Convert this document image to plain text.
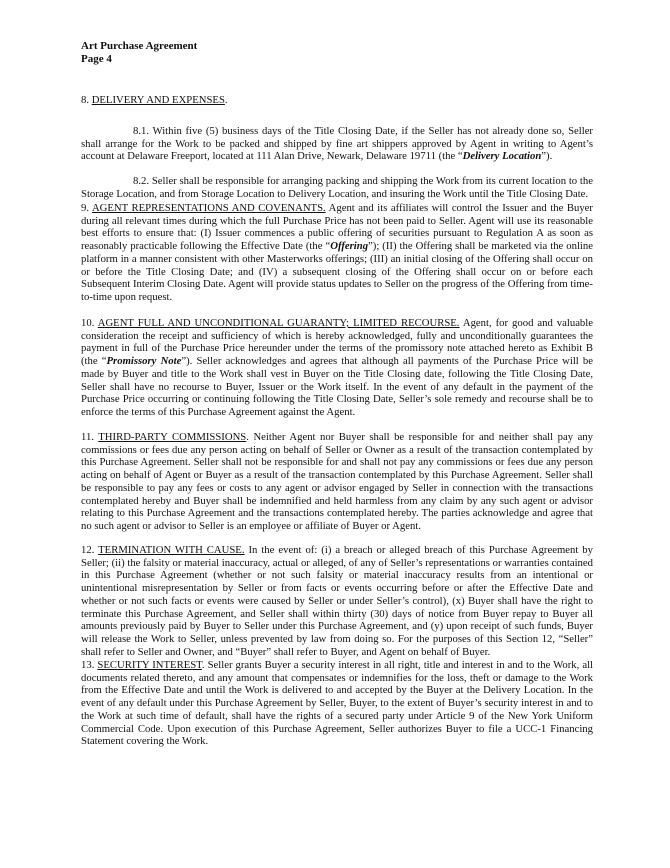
Art Purchase Agreement
Page 4
8. DELIVERY AND EXPENSES.
8.1. Within five (5) business days of the Title Closing Date, if the Seller has not already done so, Seller shall arrange for the Work to be packed and shipped by fine art shippers approved by Agent in writing to Agent’s account at Delaware Freeport, located at 111 Alan Drive, Newark, Delaware 19711 (the “Delivery Location”).
8.2. Seller shall be responsible for arranging packing and shipping the Work from its current location to the Storage Location, and from Storage Location to Delivery Location, and insuring the Work until the Title Closing Date.
9. AGENT REPRESENTATIONS AND COVENANTS. Agent and its affiliates will control the Issuer and the Buyer during all relevant times during which the full Purchase Price has not been paid to Seller. Agent will use its reasonable best efforts to ensure that: (I) Issuer commences a public offering of securities pursuant to Regulation A as soon as reasonably practicable following the Effective Date (the “Offering”); (II) the Offering shall be marketed via the online platform in a manner consistent with other Masterworks offerings; (III) an initial closing of the Offering shall occur on or before the Title Closing Date; and (IV) a subsequent closing of the Offering shall occur on or before each Subsequent Interim Closing Date. Agent will provide status updates to Seller on the progress of the Offering from time-to-time upon request.
10. AGENT FULL AND UNCONDITIONAL GUARANTY; LIMITED RECOURSE. Agent, for good and valuable consideration the receipt and sufficiency of which is hereby acknowledged, fully and unconditionally guarantees the payment in full of the Purchase Price hereunder under the terms of the promissory note attached hereto as Exhibit B (the “Promissory Note”). Seller acknowledges and agrees that although all payments of the Purchase Price will be made by Buyer and title to the Work shall vest in Buyer on the Title Closing date, following the Title Closing Date, Seller shall have no recourse to Buyer, Issuer or the Work itself. In the event of any default in the payment of the Purchase Price occurring or continuing following the Title Closing Date, Seller’s sole remedy and recourse shall be to enforce the terms of this Purchase Agreement against the Agent.
11. THIRD-PARTY COMMISSIONS. Neither Agent nor Buyer shall be responsible for and neither shall pay any commissions or fees due any person acting on behalf of Seller or Owner as a result of the transaction contemplated by this Purchase Agreement. Seller shall not be responsible for and shall not pay any commissions or fees due any person acting on behalf of Agent or Buyer as a result of the transaction contemplated by this Purchase Agreement. Seller shall be responsible to pay any fees or costs to any agent or advisor engaged by Seller in connection with the transactions contemplated hereby and Buyer shall be indemnified and held harmless from any claim by any such agent or advisor relating to this Purchase Agreement and the transactions contemplated hereby. The parties acknowledge and agree that no such agent or advisor to Seller is an employee or affiliate of Buyer or Agent.
12. TERMINATION WITH CAUSE. In the event of: (i) a breach or alleged breach of this Purchase Agreement by Seller; (ii) the falsity or material inaccuracy, actual or alleged, of any of Seller’s representations or warranties contained in this Purchase Agreement (whether or not such falsity or material inaccuracy results from an intentional or unintentional misrepresentation by Seller or from facts or events occurring before or after the Effective Date and whether or not such facts or events were caused by Seller or under Seller’s control), (x) Buyer shall have the right to terminate this Purchase Agreement, and Seller shall within thirty (30) days of notice from Buyer repay to Buyer all amounts previously paid by Buyer to Seller under this Purchase Agreement, and (y) upon receipt of such funds, Buyer will release the Work to Seller, unless prevented by law from doing so. For the purposes of this Section 12, “Seller” shall refer to Seller and Owner, and “Buyer” shall refer to Buyer, and Agent on behalf of Buyer.
13. SECURITY INTEREST. Seller grants Buyer a security interest in all right, title and interest in and to the Work, all documents related thereto, and any amount that compensates or indemnifies for the loss, theft or damage to the Work from the Effective Date and until the Work is delivered to and accepted by the Buyer at the Delivery Location. In the event of any default under this Purchase Agreement by Seller, Buyer, to the extent of Buyer’s security interest in and to the Work at such time of default, shall have the rights of a secured party under Article 9 of the New York Uniform Commercial Code. Upon execution of this Purchase Agreement, Seller authorizes Buyer to file a UCC-1 Financing Statement covering the Work.
